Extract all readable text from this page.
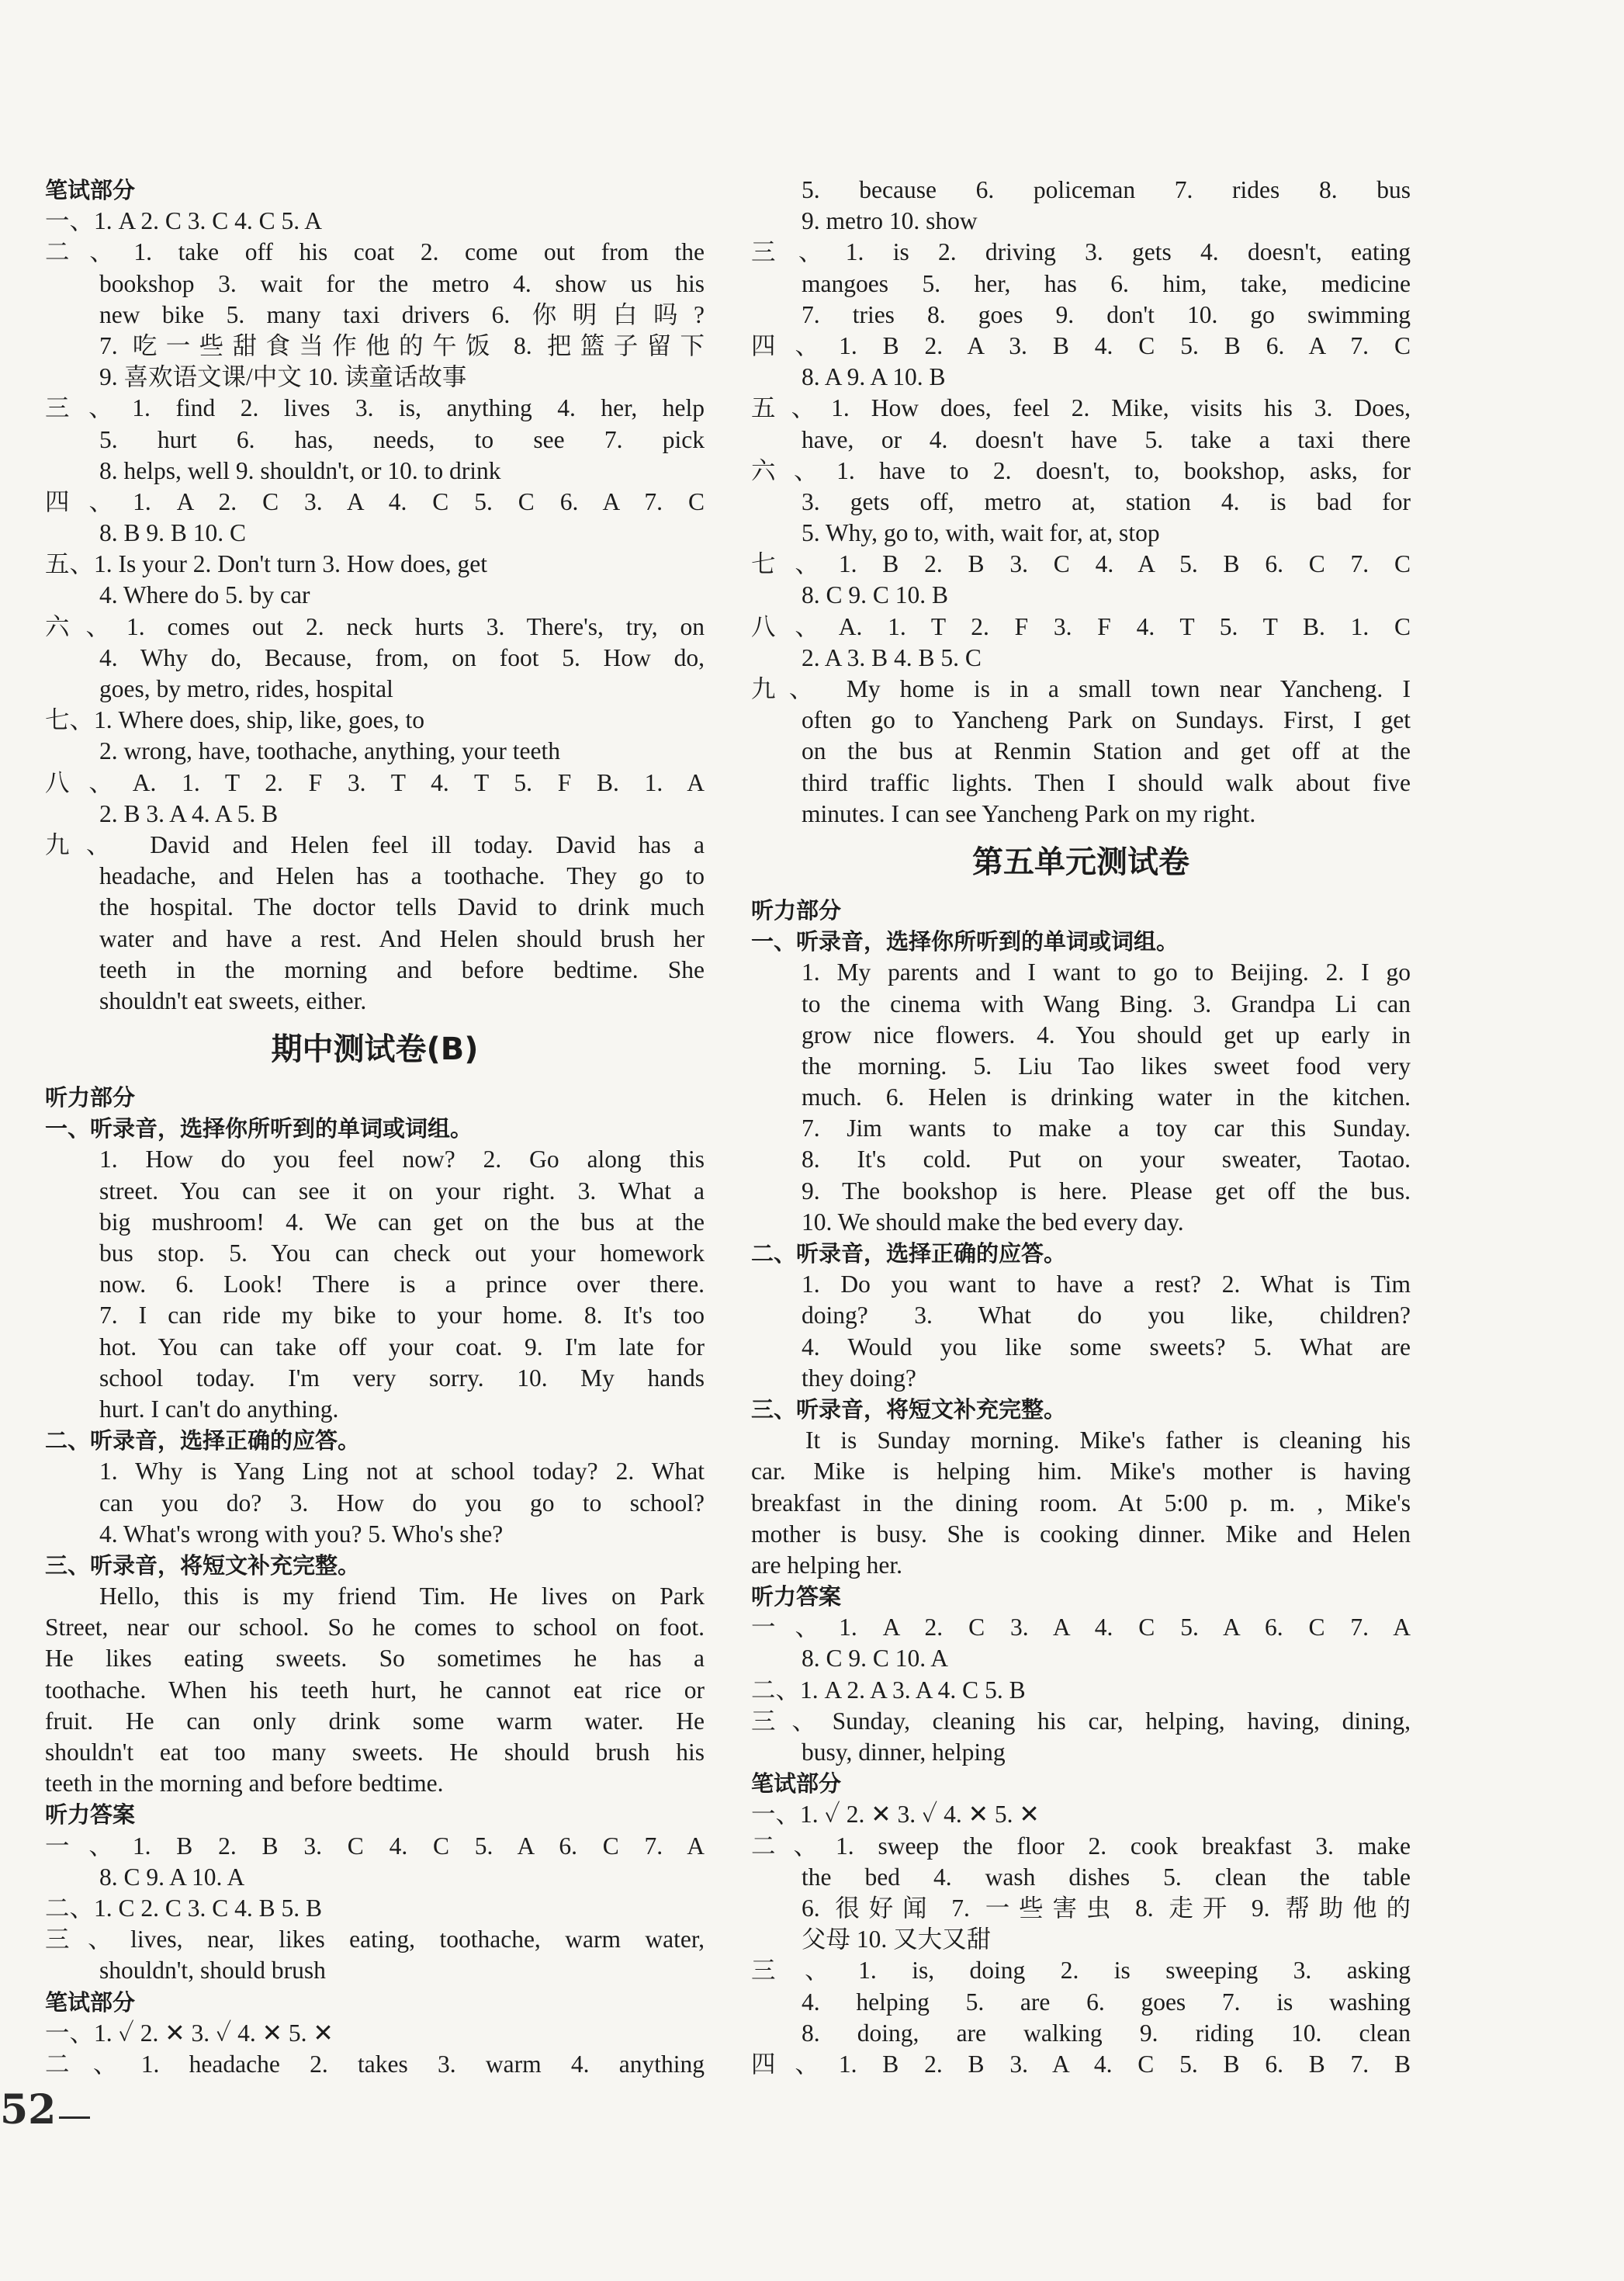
笔试部分
一、1. A 2. C 3. C 4. C 5. A
二、1. take off his coat 2. come out from the
bookshop 3. wait for the metro 4. show us his
new bike 5. many taxi drivers 6. 你明白吗?
7. 吃一些甜食当作他的午饭 8. 把篮子留下
9. 喜欢语文课/中文 10. 读童话故事
三、1. find 2. lives 3. is, anything 4. her, help
5. hurt 6. has, needs, to see 7. pick
8. helps, well 9. shouldn't, or 10. to drink
四、1. A 2. C 3. A 4. C 5. C 6. A 7. C
8. B 9. B 10. C
五、1. Is your 2. Don't turn 3. How does, get
4. Where do 5. by car
六、1. comes out 2. neck hurts 3. There's, try, on
4. Why do, Because, from, on foot 5. How do,
goes, by metro, rides, hospital
七、1. Where does, ship, like, goes, to
2. wrong, have, toothache, anything, your teeth
八、A. 1. T 2. F 3. T 4. T 5. F B. 1. A
2. B 3. A 4. A 5. B
九、 David and Helen feel ill today. David has a
headache, and Helen has a toothache. They go to
the hospital. The doctor tells David to drink much
water and have a rest. And Helen should brush her
teeth in the morning and before bedtime. She
shouldn't eat sweets, either.
期中测试卷(B)
听力部分
一、听录音，选择你所听到的单词或词组。
1. How do you feel now? 2. Go along this
street. You can see it on your right. 3. What a
big mushroom! 4. We can get on the bus at the
bus stop. 5. You can check out your homework
now. 6. Look! There is a prince over there.
7. I can ride my bike to your home. 8. It's too
hot. You can take off your coat. 9. I'm late for
school today. I'm very sorry. 10. My hands
hurt. I can't do anything.
二、听录音，选择正确的应答。
1. Why is Yang Ling not at school today? 2. What
can you do? 3. How do you go to school?
4. What's wrong with you? 5. Who's she?
三、听录音，将短文补充完整。
Hello, this is my friend Tim. He lives on Park
Street, near our school. So he comes to school on foot.
He likes eating sweets. So sometimes he has a
toothache. When his teeth hurt, he cannot eat rice or
fruit. He can only drink some warm water. He
shouldn't eat too many sweets. He should brush his
teeth in the morning and before bedtime.
听力答案
一、1. B 2. B 3. C 4. C 5. A 6. C 7. A
8. C 9. A 10. A
二、1. C 2. C 3. C 4. B 5. B
三、lives, near, likes eating, toothache, warm water,
shouldn't, should brush
笔试部分
一、1. ✓ 2. ✕ 3. ✓ 4. ✕ 5. ✕
二、1. headache 2. takes 3. warm 4. anything
5. because 6. policeman 7. rides 8. bus
9. metro 10. show
三、1. is 2. driving 3. gets 4. doesn't, eating
mangoes 5. her, has 6. him, take, medicine
7. tries 8. goes 9. don't 10. go swimming
四、1. B 2. A 3. B 4. C 5. B 6. A 7. C
8. A 9. A 10. B
五、1. How does, feel 2. Mike, visits his 3. Does,
have, or 4. doesn't have 5. take a taxi there
六、1. have to 2. doesn't, to, bookshop, asks, for
3. gets off, metro at, station 4. is bad for
5. Why, go to, with, wait for, at, stop
七、1. B 2. B 3. C 4. A 5. B 6. C 7. C
8. C 9. C 10. B
八、A. 1. T 2. F 3. F 4. T 5. T B. 1. C
2. A 3. B 4. B 5. C
九、 My home is in a small town near Yancheng. I
often go to Yancheng Park on Sundays. First, I get
on the bus at Renmin Station and get off at the
third traffic lights. Then I should walk about five
minutes. I can see Yancheng Park on my right.
第五单元测试卷
听力部分
一、听录音，选择你所听到的单词或词组。
1. My parents and I want to go to Beijing. 2. I go
to the cinema with Wang Bing. 3. Grandpa Li can
grow nice flowers. 4. You should get up early in
the morning. 5. Liu Tao likes sweet food very
much. 6. Helen is drinking water in the kitchen.
7. Jim wants to make a toy car this Sunday.
8. It's cold. Put on your sweater, Taotao.
9. The bookshop is here. Please get off the bus.
10. We should make the bed every day.
二、听录音，选择正确的应答。
1. Do you want to have a rest? 2. What is Tim
doing? 3. What do you like, children?
4. Would you like some sweets? 5. What are
they doing?
三、听录音，将短文补充完整。
It is Sunday morning. Mike's father is cleaning his
car. Mike is helping him. Mike's mother is having
breakfast in the dining room. At 5:00 p. m. , Mike's
mother is busy. She is cooking dinner. Mike and Helen
are helping her.
听力答案
一、1. A 2. C 3. A 4. C 5. A 6. C 7. A
8. C 9. C 10. A
二、1. A 2. A 3. A 4. C 5. B
三、Sunday, cleaning his car, helping, having, dining,
busy, dinner, helping
笔试部分
一、1. ✓ 2. ✕ 3. ✓ 4. ✕ 5. ✕
二、1. sweep the floor 2. cook breakfast 3. make
the bed 4. wash dishes 5. clean the table
6. 很好闻 7. 一些害虫 8. 走开 9. 帮助他的
父母 10. 又大又甜
三、1. is, doing 2. is sweeping 3. asking
4. helping 5. are 6. goes 7. is washing
8. doing, are walking 9. riding 10. clean
四、1. B 2. B 3. A 4. C 5. B 6. B 7. B
52
